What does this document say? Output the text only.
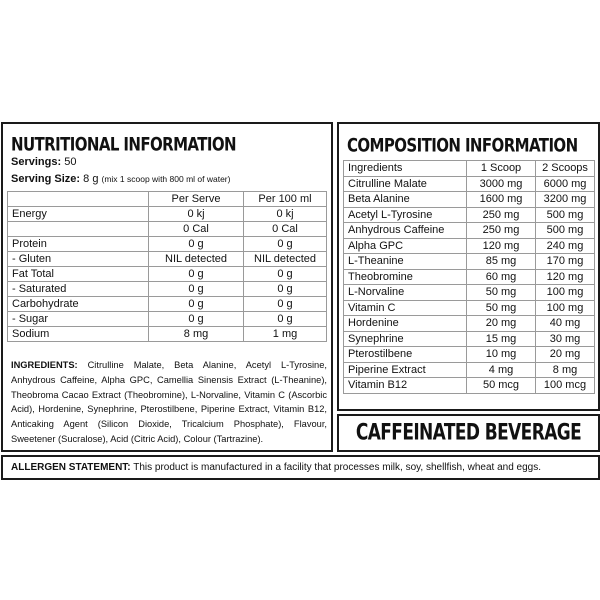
NUTRITIONAL INFORMATION
Servings: 50
Serving Size: 8 g (mix 1 scoop with 800 ml of water)
	Per Serve	Per 100 ml
Energy	0 kj	0 kj
	0 Cal	0 Cal
Protein	0 g	0 g
- Gluten	NIL detected	NIL detected
Fat Total	0 g	0 g
- Saturated	0 g	0 g
Carbohydrate	0 g	0 g
- Sugar	0 g	0 g
Sodium	8 mg	1 mg
INGREDIENTS: Citrulline Malate, Beta Alanine, Acetyl L-Tyrosine, Anhydrous Caffeine, Alpha GPC, Camellia Sinensis Extract (L-Theanine), Theobroma Cacao Extract (Theobromine), L-Norvaline, Vitamin C (Ascorbic Acid), Hordenine, Synephrine, Pterostilbene, Piperine Extract, Vitamin B12, Anticaking Agent (Silicon Dioxide, Tricalcium Phosphate), Flavour, Sweetener (Sucralose), Acid (Citric Acid), Colour (Tartrazine).
COMPOSITION INFORMATION
Ingredients	1 Scoop	2 Scoops
Citrulline Malate	3000 mg	6000 mg
Beta Alanine	1600 mg	3200 mg
Acetyl L-Tyrosine	250 mg	500 mg
Anhydrous Caffeine	250 mg	500 mg
Alpha GPC	120 mg	240 mg
L-Theanine	85 mg	170 mg
Theobromine	60 mg	120 mg
L-Norvaline	50 mg	100 mg
Vitamin C	50 mg	100 mg
Hordenine	20 mg	40 mg
Synephrine	15 mg	30 mg
Pterostilbene	10 mg	20 mg
Piperine Extract	4 mg	8 mg
Vitamin B12	50 mcg	100 mcg
CAFFEINATED BEVERAGE
ALLERGEN STATEMENT: This product is manufactured in a facility that processes milk, soy, shellfish, wheat and eggs.
